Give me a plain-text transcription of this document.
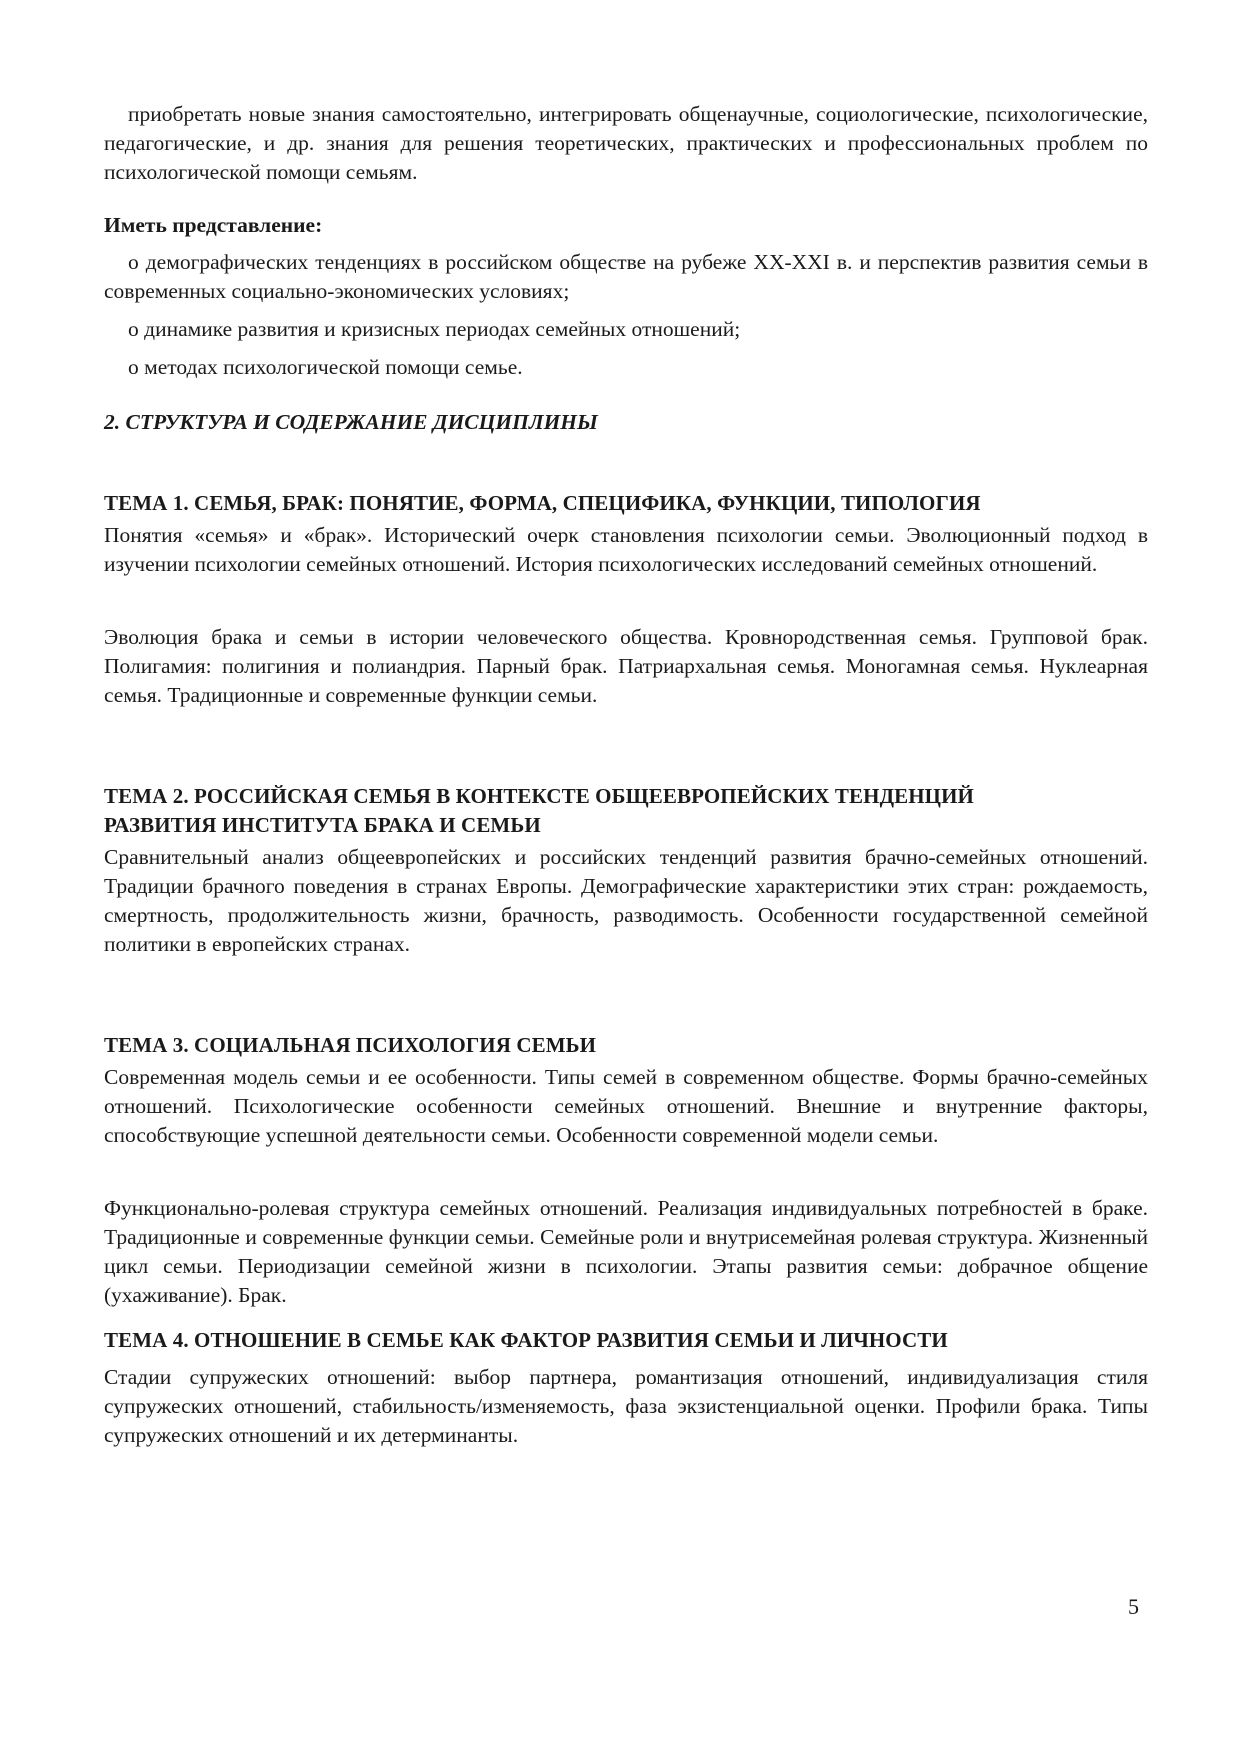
приобретать новые знания самостоятельно, интегрировать общенаучные, социологические, психологические, педагогические, и др. знания для решения теоретических, практических и профессиональных проблем по психологической помощи семьям.

Иметь представление:

о демографических тенденциях в российском обществе на рубеже XX-XXI в. и перспектив развития семьи в современных социально-экономических условиях;

о динамике развития и кризисных периодах семейных отношений;

о методах психологической помощи семье.

2. СТРУКТУРА И СОДЕРЖАНИЕ ДИСЦИПЛИНЫ
ТЕМА 1. СЕМЬЯ, БРАК: ПОНЯТИЕ, ФОРМА, СПЕЦИФИКА, ФУНКЦИИ, ТИПОЛОГИЯ

Понятия «семья» и «брак». Исторический очерк становления психологии семьи. Эволюционный подход в изучении психологии семейных отношений. История психологических исследований семейных отношений.

Эволюция брака и семьи в истории человеческого общества. Кровнородственная семья. Групповой брак. Полигамия: полигиния и полиандрия. Парный брак. Патриархальная семья. Моногамная семья. Нуклеарная семья. Традиционные и современные функции семьи.

ТЕМА 2. РОССИЙСКАЯ СЕМЬЯ В КОНТЕКСТЕ ОБЩЕЕВРОПЕЙСКИХ ТЕНДЕНЦИЙ
РАЗВИТИЯ ИНСТИТУТА БРАКА И СЕМЬИ

Сравнительный анализ общеевропейских и российских тенденций развития брачно-семейных отношений. Традиции брачного поведения в странах Европы. Демографические характеристики этих стран: рождаемость, смертность, продолжительность жизни, брачность, разводимость. Особенности государственной семейной политики в европейских странах.

ТЕМА 3. СОЦИАЛЬНАЯ ПСИХОЛОГИЯ СЕМЬИ

Современная модель семьи и ее особенности. Типы семей в современном обществе. Формы брачно-семейных отношений. Психологические особенности семейных отношений. Внешние и внутренние факторы, способствующие успешной деятельности семьи. Особенности современной модели семьи.

Функционально-ролевая структура семейных отношений. Реализация индивидуальных потребностей в браке. Традиционные и современные функции семьи. Семейные роли и внутрисемейная ролевая структура. Жизненный цикл семьи. Периодизации семейной жизни в психологии. Этапы развития семьи: добрачное общение (ухаживание). Брак.

ТЕМА 4. ОТНОШЕНИЕ В СЕМЬЕ КАК ФАКТОР РАЗВИТИЯ СЕМЬИ И ЛИЧНОСТИ

Стадии супружеских отношений: выбор партнера, романтизация отношений, индивидуализация стиля супружеских отношений, стабильность/изменяемость, фаза экзистенциальной оценки. Профили брака. Типы супружеских отношений и их детерминанты.

5
